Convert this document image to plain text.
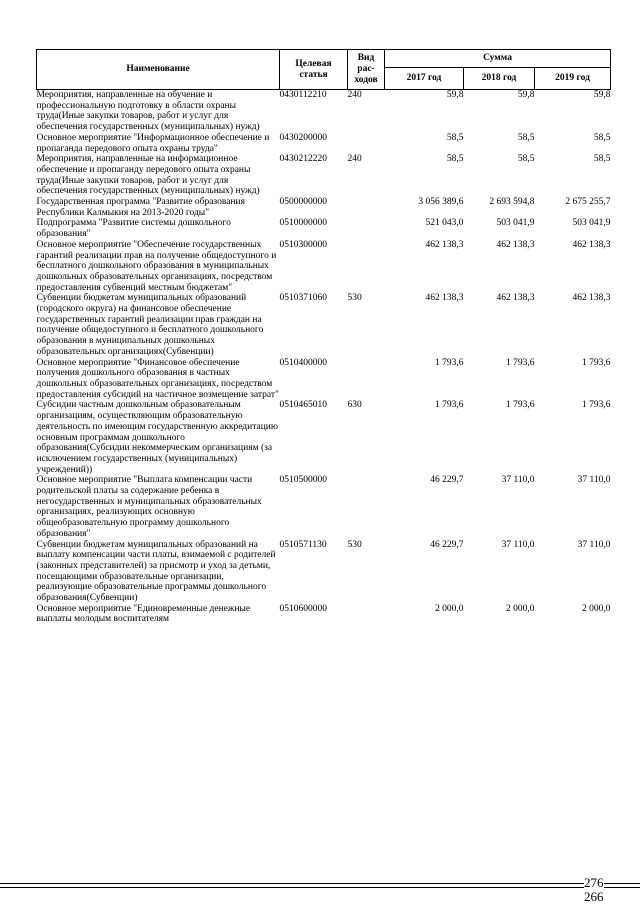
Наименование	Целевая статья	Вид рас-ходов	Сумма		
			2017 год	2018 год	2019 год
Мероприятия, направленные на обучение и профессиональную подготовку в области охраны труда(Иные закупки товаров, работ и услуг для обеспечения государственных (муниципальных) нужд)	0430112210	240	59,8	59,8	59,8
Основное мероприятие "Информационное обеспечение и пропаганда передового опыта охраны труда"	0430200000		58,5	58,5	58,5
Мероприятия, направленные на информационное обеспечение и пропаганду передового опыта охраны труда(Иные закупки товаров, работ и услуг для обеспечения государственных (муниципальных) нужд)	0430212220	240	58,5	58,5	58,5
Государственная программа "Развитие образования Республики Калмыкия на 2013-2020 годы"	0500000000		3 056 389,6	2 693 594,8	2 675 255,7
Подпрограмма "Развитие системы дошкольного образования"	0510000000		521 043,0	503 041,9	503 041,9
Основное мероприятие "Обеспечение государственных гарантий реализации прав на получение общедоступного и бесплатного дошкольного образования в муниципальных дошкольных образовательных организациях, посредством предоставления субвенций местным бюджетам"	0510300000		462 138,3	462 138,3	462 138,3
Субвенции бюджетам муниципальных образований (городского округа) на финансовое обеспечение государственных гарантий реализации прав граждан на получение общедоступного и бесплатного дошкольного образования в муниципальных дошкольных образовательных организациях(Субвенции)	0510371060	530	462 138,3	462 138,3	462 138,3
Основное мероприятие "Финансовое обеспечение получения дошкольного образования в частных дошкольных образовательных организациях, посредством предоставления субсидий на частичное возмещение затрат"	0510400000		1 793,6	1 793,6	1 793,6
Субсидии частным дошкольным образовательным организациям, осуществляющим образовательную деятельность по имеющим государственную аккредитацию основным программам дошкольного образования(Субсидии некоммерческим организациям (за исключением государственных (муниципальных) учреждений))	0510465010	630	1 793,6	1 793,6	1 793,6
Основное мероприятие "Выплата компенсации части родительской платы за содержание ребенка в негосударственных и муниципальных образовательных организациях, реализующих основную общеобразовательную программу дошкольного образования"	0510500000		46 229,7	37 110,0	37 110,0
Субвенции бюджетам муниципальных образований на выплату компенсации части платы, взимаемой с родителей (законных представителей) за присмотр и уход за детьми, посещающими образовательные организации, реализующие образовательные программы дошкольного образования(Субвенции)	0510571130	530	46 229,7	37 110,0	37 110,0
Основное мероприятие "Единовременные денежные выплаты молодым воспитателям	0510600000		2 000,0	2 000,0	2 000,0
276
266
